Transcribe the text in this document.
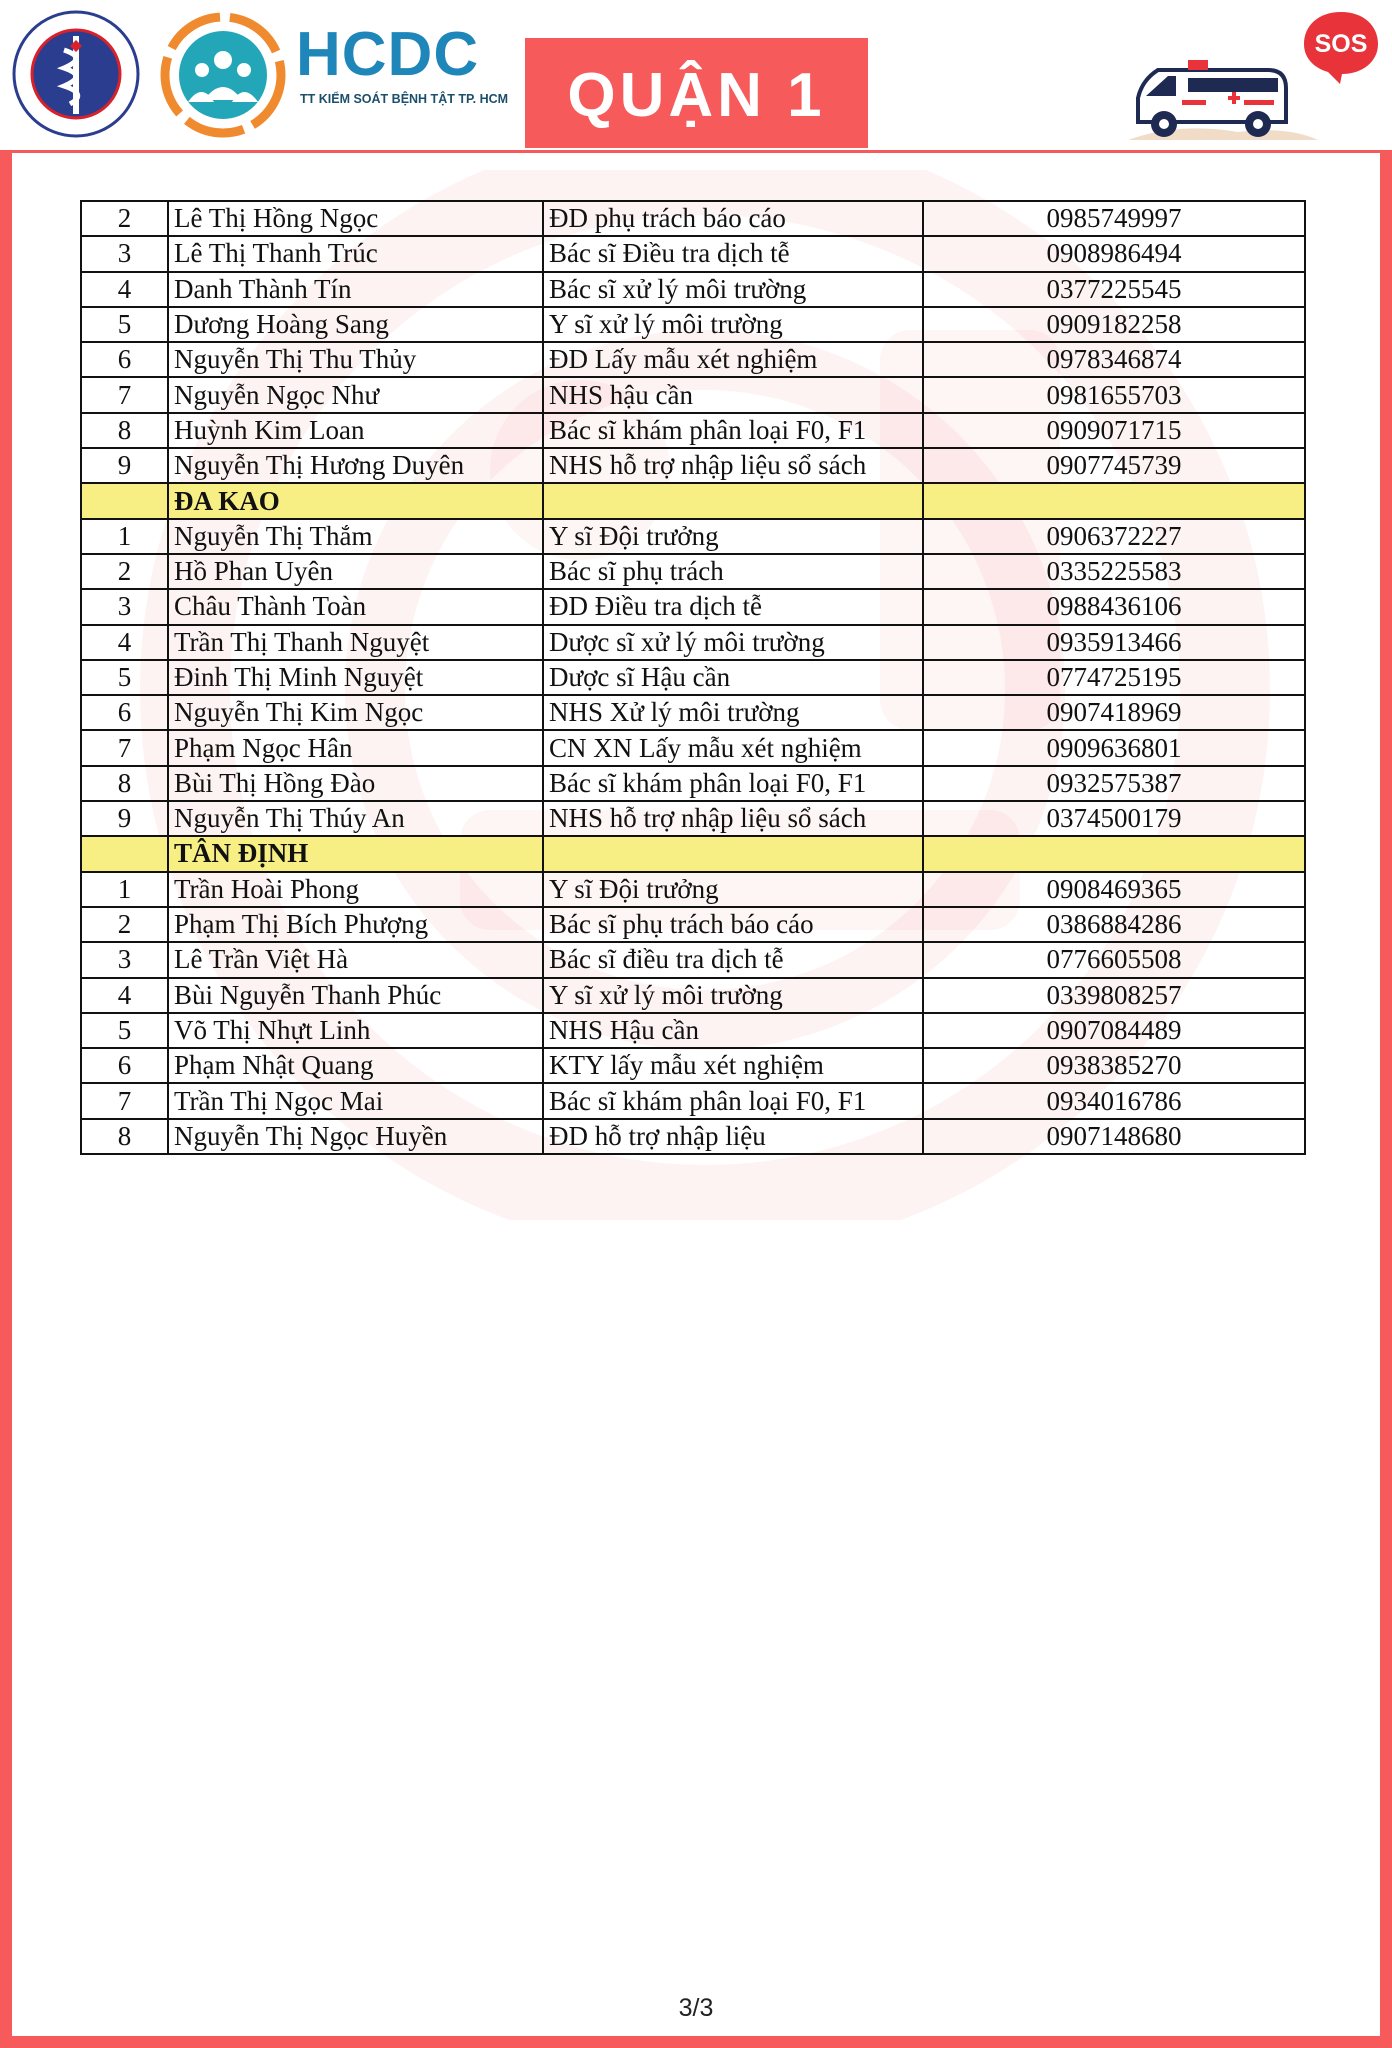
HCDC
TT KIỂM SOÁT BỆNH TẬT TP. HCM QUẬN 1
SOS
2	Lê Thị Hồng Ngọc	ĐD phụ trách báo cáo	0985749997
3	Lê Thị Thanh Trúc	Bác sĩ Điều tra dịch tễ	0908986494
4	Danh Thành Tín	Bác sĩ xử lý môi trường	0377225545
5	Dương Hoàng Sang	Y sĩ xử lý môi trường	0909182258
6	Nguyễn Thị Thu Thủy	ĐD Lấy mẫu xét nghiệm	0978346874
7	Nguyễn Ngọc Như	NHS hậu cần	0981655703
8	Huỳnh Kim Loan	Bác sĩ khám phân loại F0, F1	0909071715
9	Nguyễn Thị Hương Duyên	NHS hỗ trợ nhập liệu sổ sách	0907745739
	ĐA KAO		
1	Nguyễn Thị Thắm	Y sĩ Đội trưởng	0906372227
2	Hồ Phan Uyên	Bác sĩ phụ trách	0335225583
3	Châu Thành Toàn	ĐD Điều tra dịch tễ	0988436106
4	Trần Thị Thanh Nguyệt	Dược sĩ xử lý môi trường	0935913466
5	Đinh Thị Minh Nguyệt	Dược sĩ Hậu cần	0774725195
6	Nguyễn Thị Kim Ngọc	NHS Xử lý môi trường	0907418969
7	Phạm Ngọc Hân	CN XN Lấy mẫu xét nghiệm	0909636801
8	Bùi Thị Hồng Đào	Bác sĩ khám phân loại F0, F1	0932575387
9	Nguyễn Thị Thúy An	NHS hỗ trợ nhập liệu sổ sách	0374500179
	TÂN ĐỊNH		
1	Trần Hoài Phong	Y sĩ Đội trưởng	0908469365
2	Phạm Thị Bích Phượng	Bác sĩ phụ trách báo cáo	0386884286
3	Lê Trần Việt Hà	Bác sĩ điều tra dịch tễ	0776605508
4	Bùi Nguyễn Thanh Phúc	Y sĩ xử lý môi trường	0339808257
5	Võ Thị Nhựt Linh	NHS Hậu cần	0907084489
6	Phạm Nhật Quang	KTY lấy mẫu xét nghiệm	0938385270
7	Trần Thị Ngọc Mai	Bác sĩ khám phân loại F0, F1	0934016786
8	Nguyễn Thị Ngọc Huyền	ĐD hỗ trợ nhập liệu	0907148680
3/3
